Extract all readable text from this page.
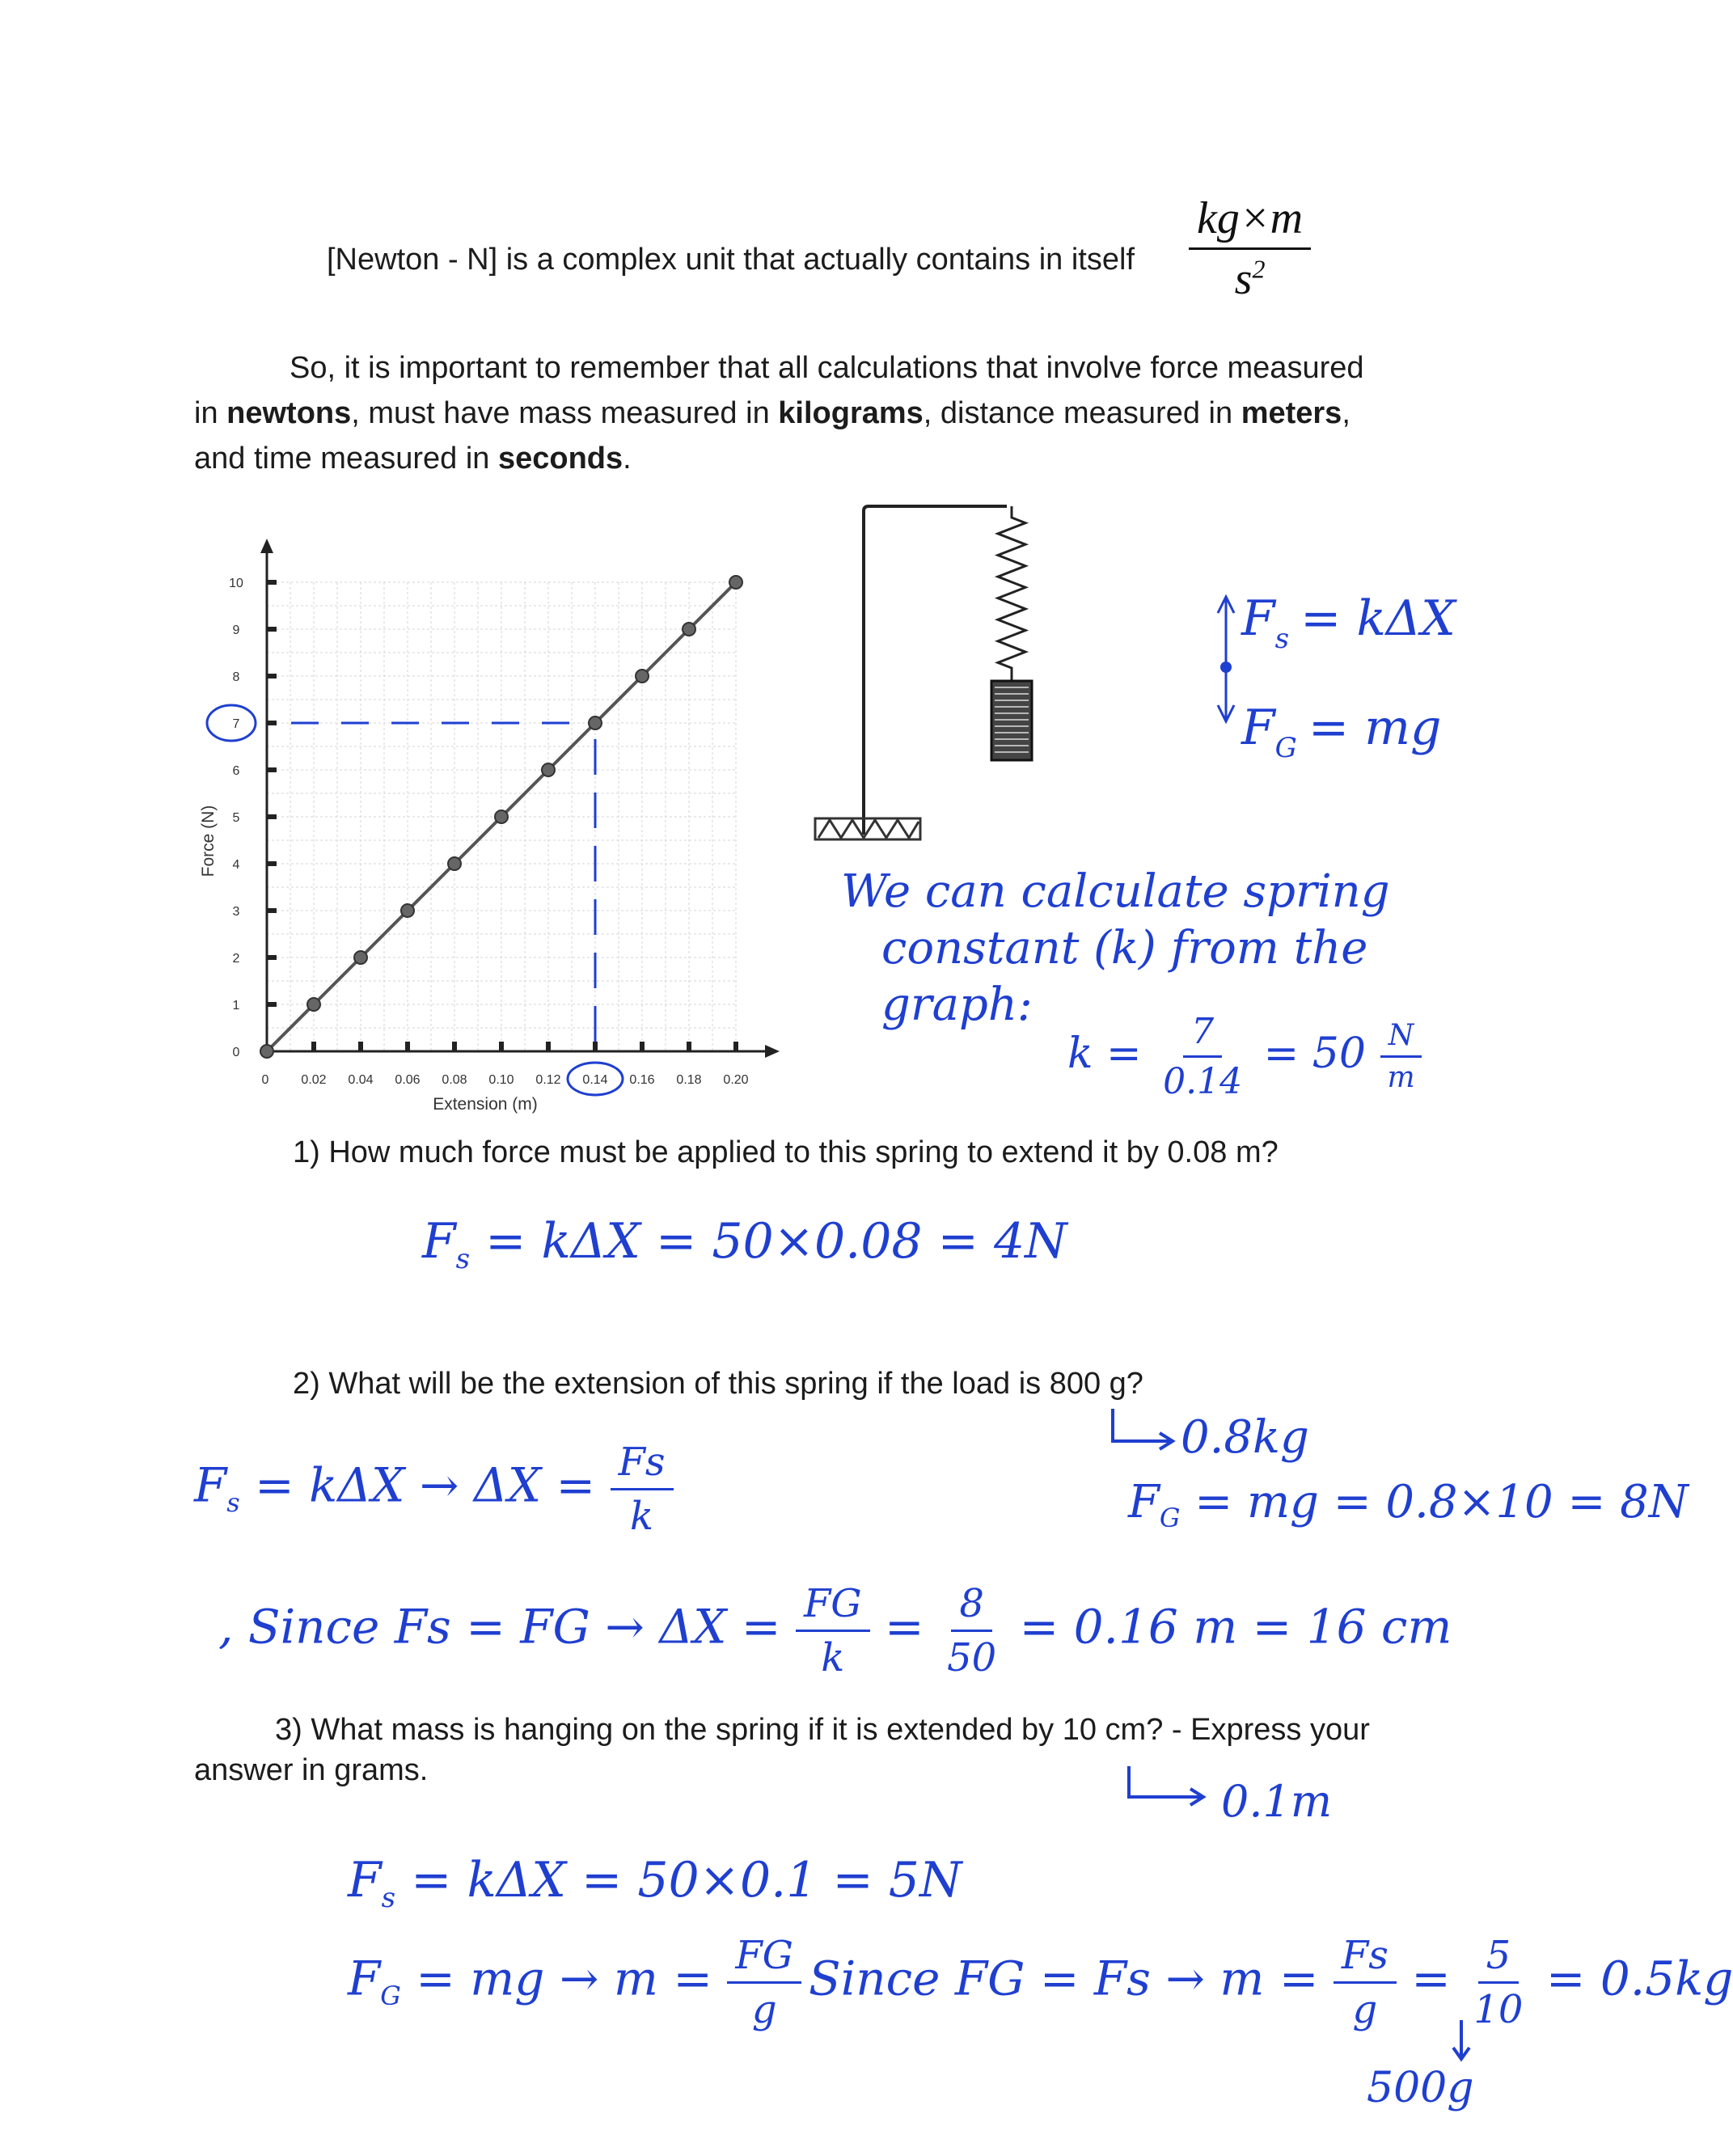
[Newton - N] is a complex unit that actually contains in itself $\frac{kg\times m}{s^2}$
So, it is important to remember that all calculations that involve force measured
in newtons, must have mass measured in kilograms, distance measured in meters,
and time measured in seconds.
0 0.02 0.04 0.06 0.08 0.10 0.12 0.14 0.16 0.18 0.20
0
1
2
3
4
5
6
7
8
9
10
Extension (m)
Force (N)
$F_s = k\Delta X$
$F_G$ = mg
We can calculate spring
constant (k) from the
graph:
$k = \frac{7}{0.14} = 50 \frac{N}{m}$
1) How much force must be applied to this spring to extend it by 0.08 m?
$F_s = k\Delta X = 50\times 0.08 = 4N$
2) What will be the extension of this spring if the load is 800 g?
0.8kg
$F_G$ = mg = 0.8×10 = 8N
$F_s = k\Delta X \to \Delta X = \frac{Fs}{k}$
, Since Fs = FG → $\Delta X = \frac{FG}{k} = \frac{8}{50} = 0.16$ m = 16 cm
3) What mass is hanging on the spring if it is extended by 10 cm? - Express your
answer in grams.
0.1m
$F_s = k\Delta X = 50\times 0.1 = 5N$
$F_G$ = mg → $m = \frac{FG}{g}$ Since FG = $Fs \to m = \frac{Fs}{g} = \frac{5}{10} = 0.5kg$
500g
